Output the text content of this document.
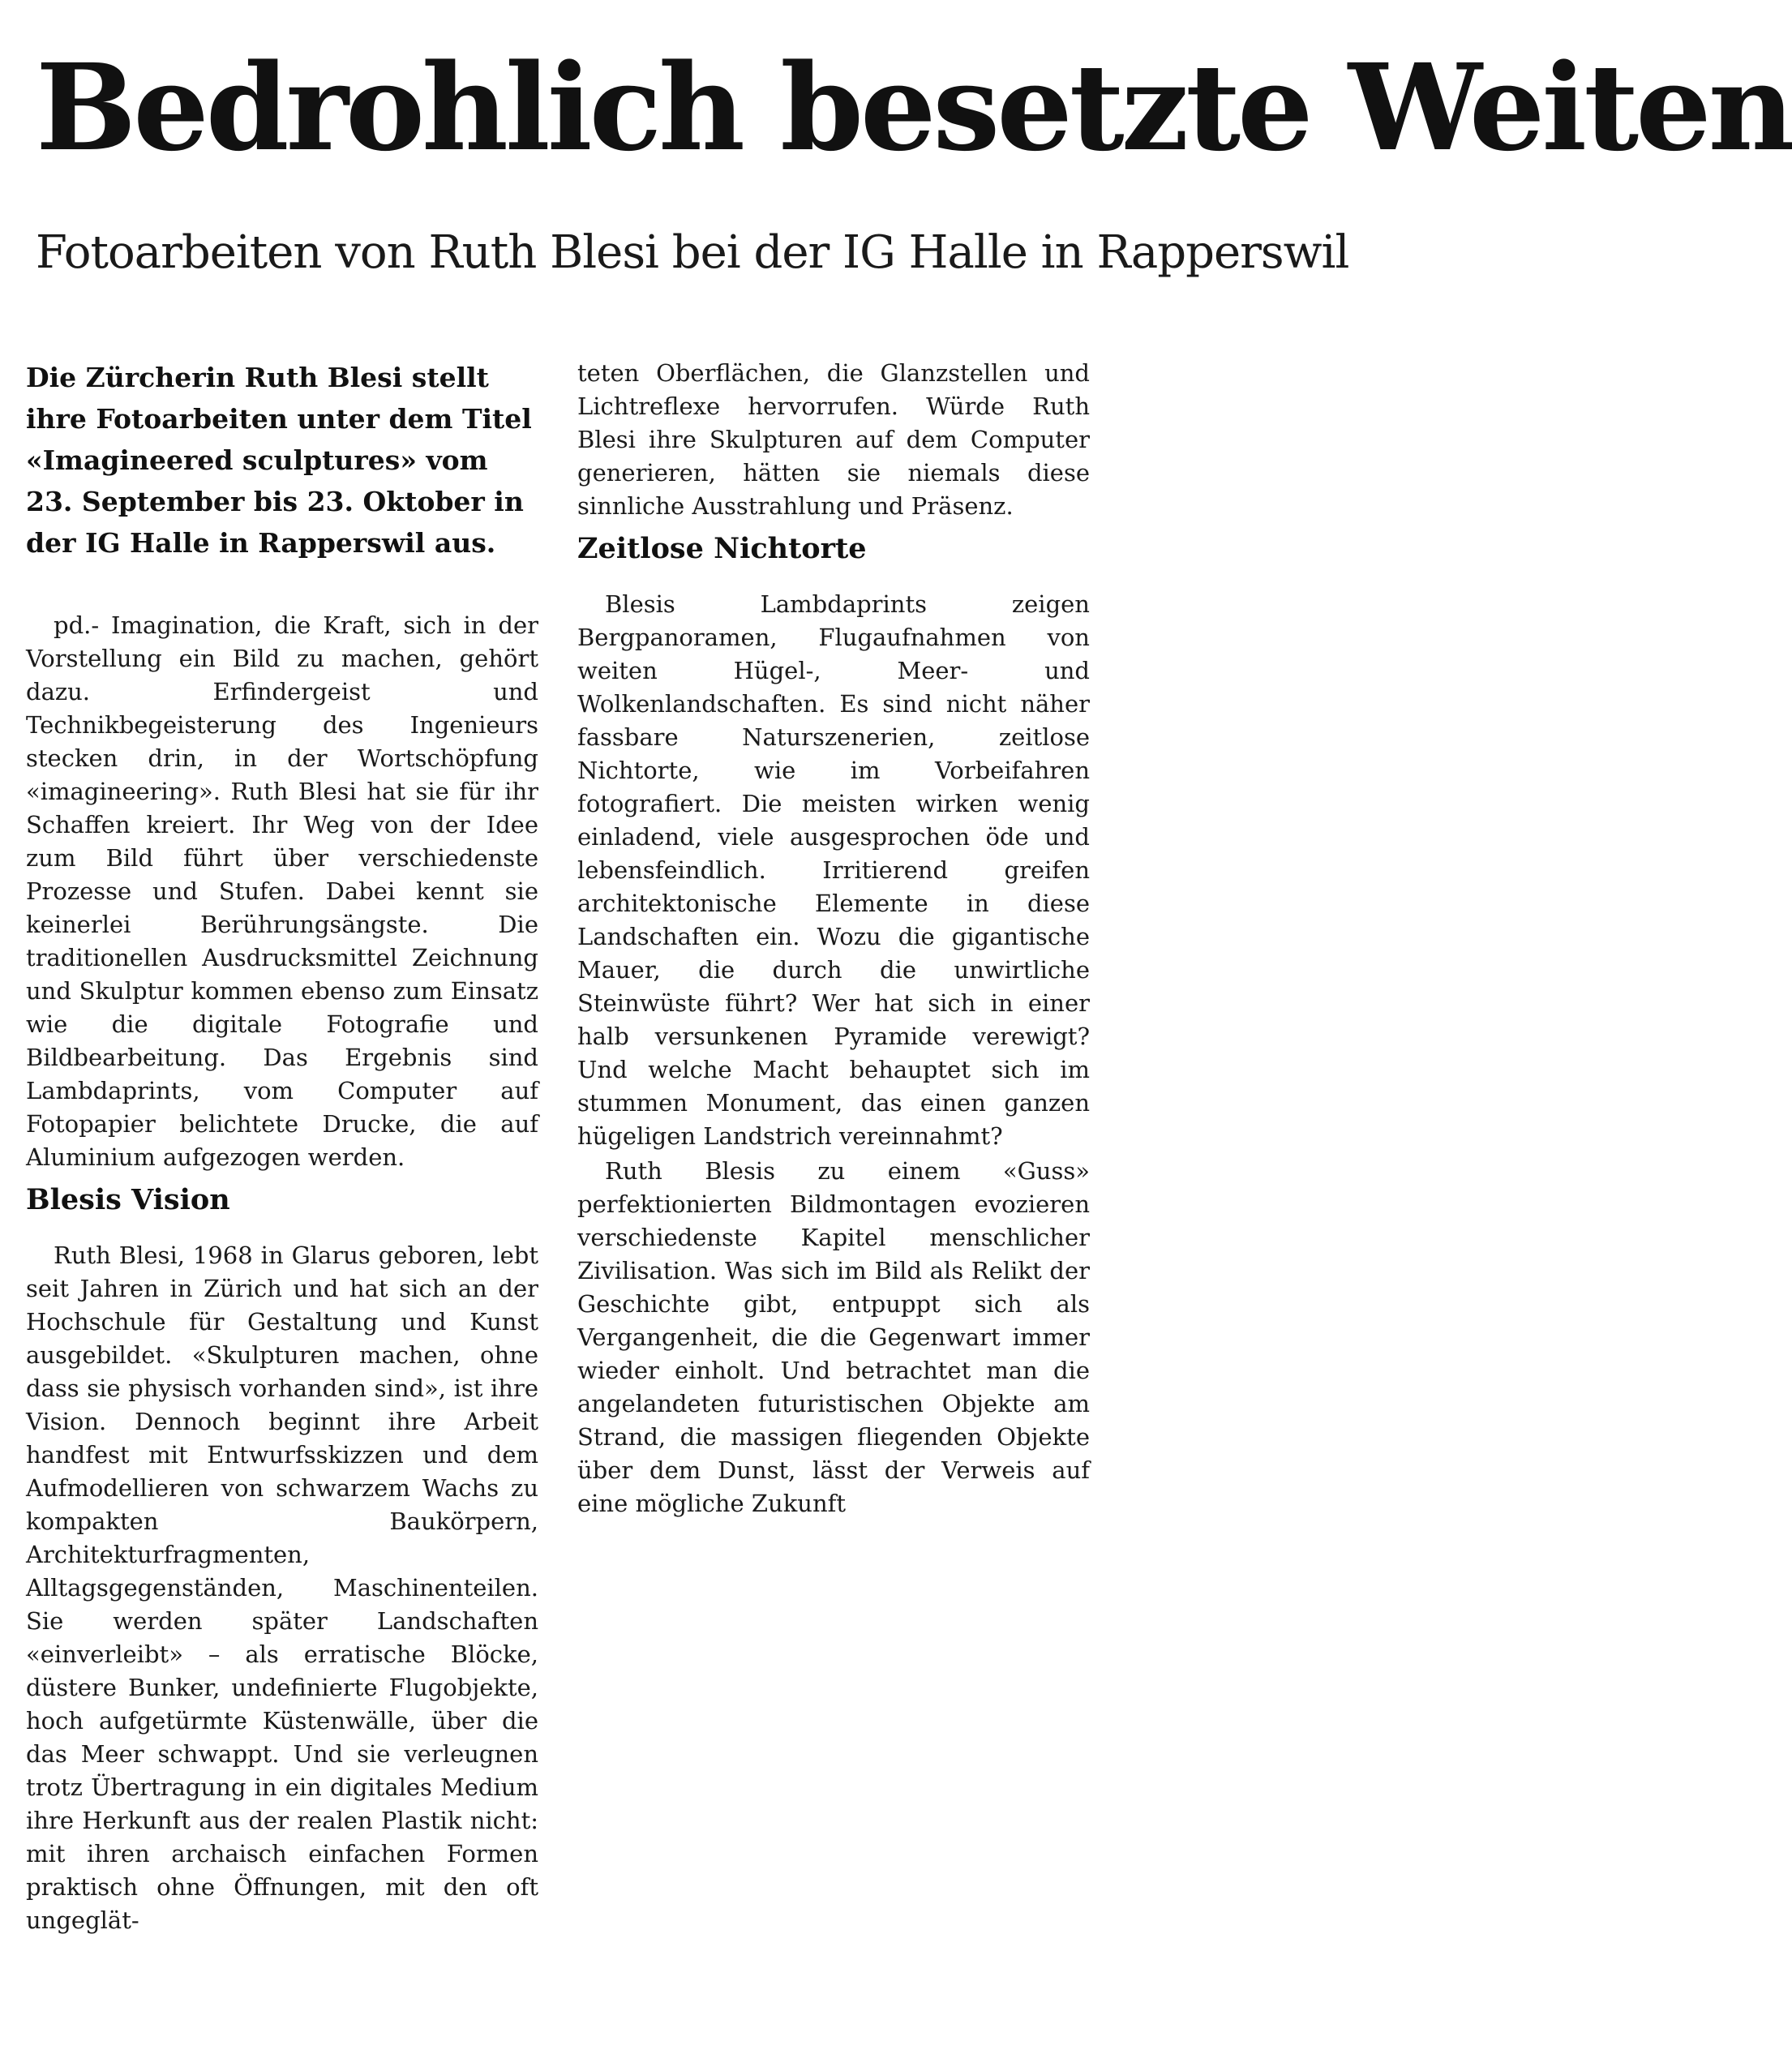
Bedrohlich besetzte Weiten
Fotoarbeiten von Ruth Blesi bei der IG Halle in Rapperswil

Die Zürcherin Ruth Blesi stellt ihre Fotoarbeiten unter dem Titel «Imagineered sculptures» vom 23. September bis 23. Oktober in der IG Halle in Rapperswil aus.

pd.- Imagination, die Kraft, sich in der Vorstellung ein Bild zu machen, gehört dazu. Erfindergeist und Technikbegeisterung des Ingenieurs stecken drin, in der Wortschöpfung «imagineering». Ruth Blesi hat sie für ihr Schaffen kreiert. Ihr Weg von der Idee zum Bild führt über verschiedenste Prozesse und Stufen. Dabei kennt sie keinerlei Berührungsängste. Die traditionellen Ausdrucksmittel Zeichnung und Skulptur kommen ebenso zum Einsatz wie die digitale Fotografie und Bildbearbeitung. Das Ergebnis sind Lambdaprints, vom Computer auf Fotopapier belichtete Drucke, die auf Aluminium aufgezogen werden.

Blesis Vision

Ruth Blesi, 1968 in Glarus geboren, lebt seit Jahren in Zürich und hat sich an der Hochschule für Gestaltung und Kunst ausgebildet. «Skulpturen machen, ohne dass sie physisch vorhanden sind», ist ihre Vision. Dennoch beginnt ihre Arbeit handfest mit Entwurfsskizzen und dem Aufmodellieren von schwarzem Wachs zu kompakten Baukörpern, Architekturfragmenten, Alltagsgegenständen, Maschinenteilen. Sie werden später Landschaften «einverleibt» – als erratische Blöcke, düstere Bunker, undefinierte Flugobjekte, hoch aufgetürmte Küstenwälle, über die das Meer schwappt. Und sie verleugnen trotz Übertragung in ein digitales Medium ihre Herkunft aus der realen Plastik nicht: mit ihren archaisch einfachen Formen praktisch ohne Öffnungen, mit den oft ungeglät-

teten Oberflächen, die Glanzstellen und Lichtreflexe hervorrufen. Würde Ruth Blesi ihre Skulpturen auf dem Computer generieren, hätten sie niemals diese sinnliche Ausstrahlung und Präsenz.

Zeitlose Nichtorte

Blesis Lambdaprints zeigen Bergpanoramen, Flugaufnahmen von weiten Hügel-, Meer- und Wolkenlandschaften. Es sind nicht näher fassbare Naturszenerien, zeitlose Nichtorte, wie im Vorbeifahren fotografiert. Die meisten wirken wenig einladend, viele ausgesprochen öde und lebensfeindlich. Irritierend greifen architektonische Elemente in diese Landschaften ein. Wozu die gigantische Mauer, die durch die unwirtliche Steinwüste führt? Wer hat sich in einer halb versunkenen Pyramide verewigt? Und welche Macht behauptet sich im stummen Monument, das einen ganzen hügeligen Landstrich vereinnahmt?

Ruth Blesis zu einem «Guss» perfektionierten Bildmontagen evozieren verschiedenste Kapitel menschlicher Zivilisation. Was sich im Bild als Relikt der Geschichte gibt, entpuppt sich als Vergangenheit, die die Gegenwart immer wieder einholt. Und betrachtet man die angelandeten futuristischen Objekte am Strand, die massigen fliegenden Objekte über dem Dunst, lässt der Verweis auf eine mögliche Zukunft
